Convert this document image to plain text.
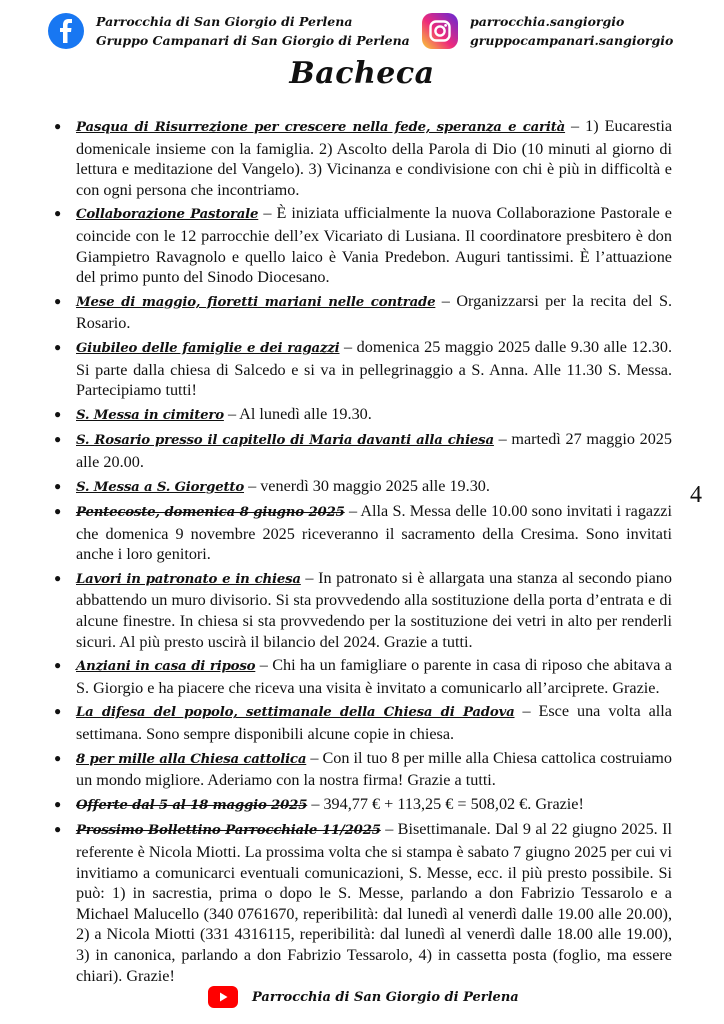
Parrocchia di San Giorgio di Perlena
Gruppo Campanari di San Giorgio di Perlena
parrocchia.sangiorgio
gruppocampanari.sangiorgio
Bacheca
● Pasqua di Risurrezione per crescere nella fede, speranza e carità – 1) Eucarestia domenicale insieme con la famiglia. 2) Ascolto della Parola di Dio (10 minuti al giorno di lettura e meditazione del Vangelo). 3) Vicinanza e condivisione con chi è più in difficoltà e con ogni persona che incontriamo.
● Collaborazione Pastorale – È iniziata ufficialmente la nuova Collaborazione Pastorale e coincide con le 12 parrocchie dell’ex Vicariato di Lusiana. Il coordinatore presbitero è don Giampietro Ravagnolo e quello laico è Vania Predebon. Auguri tantissimi. È l’attuazione del primo punto del Sinodo Diocesano.
● Mese di maggio, fioretti mariani nelle contrade – Organizzarsi per la recita del S. Rosario.
● Giubileo delle famiglie e dei ragazzi – domenica 25 maggio 2025 dalle 9.30 alle 12.30. Si parte dalla chiesa di Salcedo e si va in pellegrinaggio a S. Anna. Alle 11.30 S. Messa. Partecipiamo tutti!
● S. Messa in cimitero – Al lunedì alle 19.30.
● S. Rosario presso il capitello di Maria davanti alla chiesa – martedì 27 maggio 2025 alle 20.00.
● S. Messa a S. Giorgetto – venerdì 30 maggio 2025 alle 19.30.
● Pentecoste, domenica 8 giugno 2025 – Alla S. Messa delle 10.00 sono invitati i ragazzi che domenica 9 novembre 2025 riceveranno il sacramento della Cresima. Sono invitati anche i loro genitori.
● Lavori in patronato e in chiesa – In patronato si è allargata una stanza al secondo piano abbattendo un muro divisorio. Si sta provvedendo alla sostituzione della porta d’entrata e di alcune finestre. In chiesa si sta provvedendo per la sostituzione dei vetri in alto per renderli sicuri. Al più presto uscirà il bilancio del 2024. Grazie a tutti.
● Anziani in casa di riposo – Chi ha un famigliare o parente in casa di riposo che abitava a S. Giorgio e ha piacere che riceva una visita è invitato a comunicarlo all’arciprete. Grazie.
● La difesa del popolo, settimanale della Chiesa di Padova – Esce una volta alla settimana. Sono sempre disponibili alcune copie in chiesa.
● 8 per mille alla Chiesa cattolica – Con il tuo 8 per mille alla Chiesa cattolica costruiamo un mondo migliore. Aderiamo con la nostra firma! Grazie a tutti.
● Offerte dal 5 al 18 maggio 2025 – 394,77 € + 113,25 € = 508,02 €. Grazie!
● Prossimo Bollettino Parrocchiale 11/2025 – Bisettimanale. Dal 9 al 22 giugno 2025. Il referente è Nicola Miotti. La prossima volta che si stampa è sabato 7 giugno 2025 per cui vi invitiamo a comunicarci eventuali comunicazioni, S. Messe, ecc. il più presto possibile. Si può: 1) in sacrestia, prima o dopo le S. Messe, parlando a don Fabrizio Tessarolo e a Michael Malucello (340 0761670, reperibilità: dal lunedì al venerdì dalle 19.00 alle 20.00), 2) a Nicola Miotti (331 4316115, reperibilità: dal lunedì al venerdì dalle 18.00 alle 19.00), 3) in canonica, parlando a don Fabrizio Tessarolo, 4) in cassetta posta (foglio, ma essere chiari). Grazie!
4
Parrocchia di San Giorgio di Perlena
